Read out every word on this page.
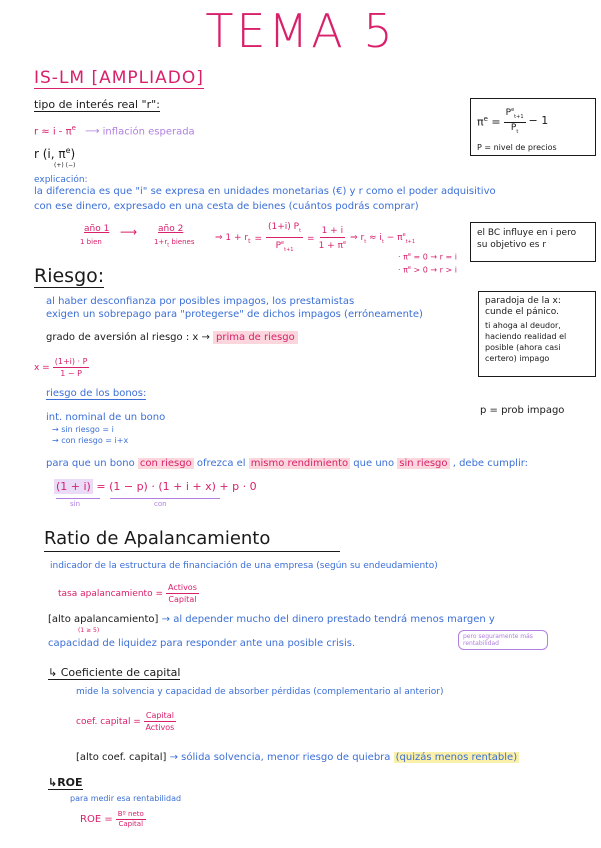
TEMA 5
IS-LM [AMPLIADO]
tipo de interés real "r":
$r \approx i - \pi^e$ ⟶ inflación esperada
r (i, $\pi^e$)
(+) (−)
explicación:
la diferencia es que "i" se expresa en unidades monetarias (€) y r como el poder adquisitivo
con ese dinero, expresado en una cesta de bienes (cuántos podrás comprar)
año 1
1 bien
⟶ año 2
$1+r_t$ bienes ⇒ $1 + r_t = \frac{(1+i) P_t}{P^e_{t+1}} = \frac{1 + i}{1 + \pi^e}$ ⇒ $r_t \approx i_t - \pi^e_{t+1}$
· $\pi^e = 0 \to r = i$
· $\pi^e > 0 \to r > i$
$\pi^e = \frac{P^e_{t+1}}{P_t} - 1$
P = nivel de precios
el BC influye en i pero su objetivo es r
Riesgo:
al haber desconfianza por posibles impagos, los prestamistas
exigen un sobrepago para "protegerse" de dichos impagos (erróneamente)
grado de aversión al riesgo : x → prima de riesgo
$x = \frac{(1+i) \cdot P}{1 - P}$
riesgo de los bonos:
int. nominal de un bono
→ sin riesgo = i
→ con riesgo = i+x
para que un bono con riesgo ofrezca el mismo rendimiento que uno sin riesgo , debe cumplir:
(1 + i) = (1 − p) · (1 + i + x) + p · 0
sin	con
paradoja de la x: cunde el pánico.
ti ahoga al deudor, haciendo realidad el posible (ahora casi certero) impago
p = prob impago
Ratio de Apalancamiento
indicador de la estructura de financiación de una empresa (según su endeudamiento)
tasa apalancamiento = $\frac{\text{Activos}}{\text{Capital}}$
[alto apalancamiento] → al depender mucho del dinero prestado tendrá menos margen y
(1 ≥ 5)
capacidad de liquidez para responder ante una posible crisis.
pero seguramente más rentabilidad
↳ Coeficiente de capital
mide la solvencia y capacidad de absorber pérdidas (complementario al anterior)
coef. capital = $\frac{\text{Capital}}{\text{Activos}}$
[alto coef. capital] → sólida solvencia, menor riesgo de quiebra (quizás menos rentable)
↳ROE
para medir esa rentabilidad
ROE = $\frac{\text{Bº neto}}{\text{Capital}}$
